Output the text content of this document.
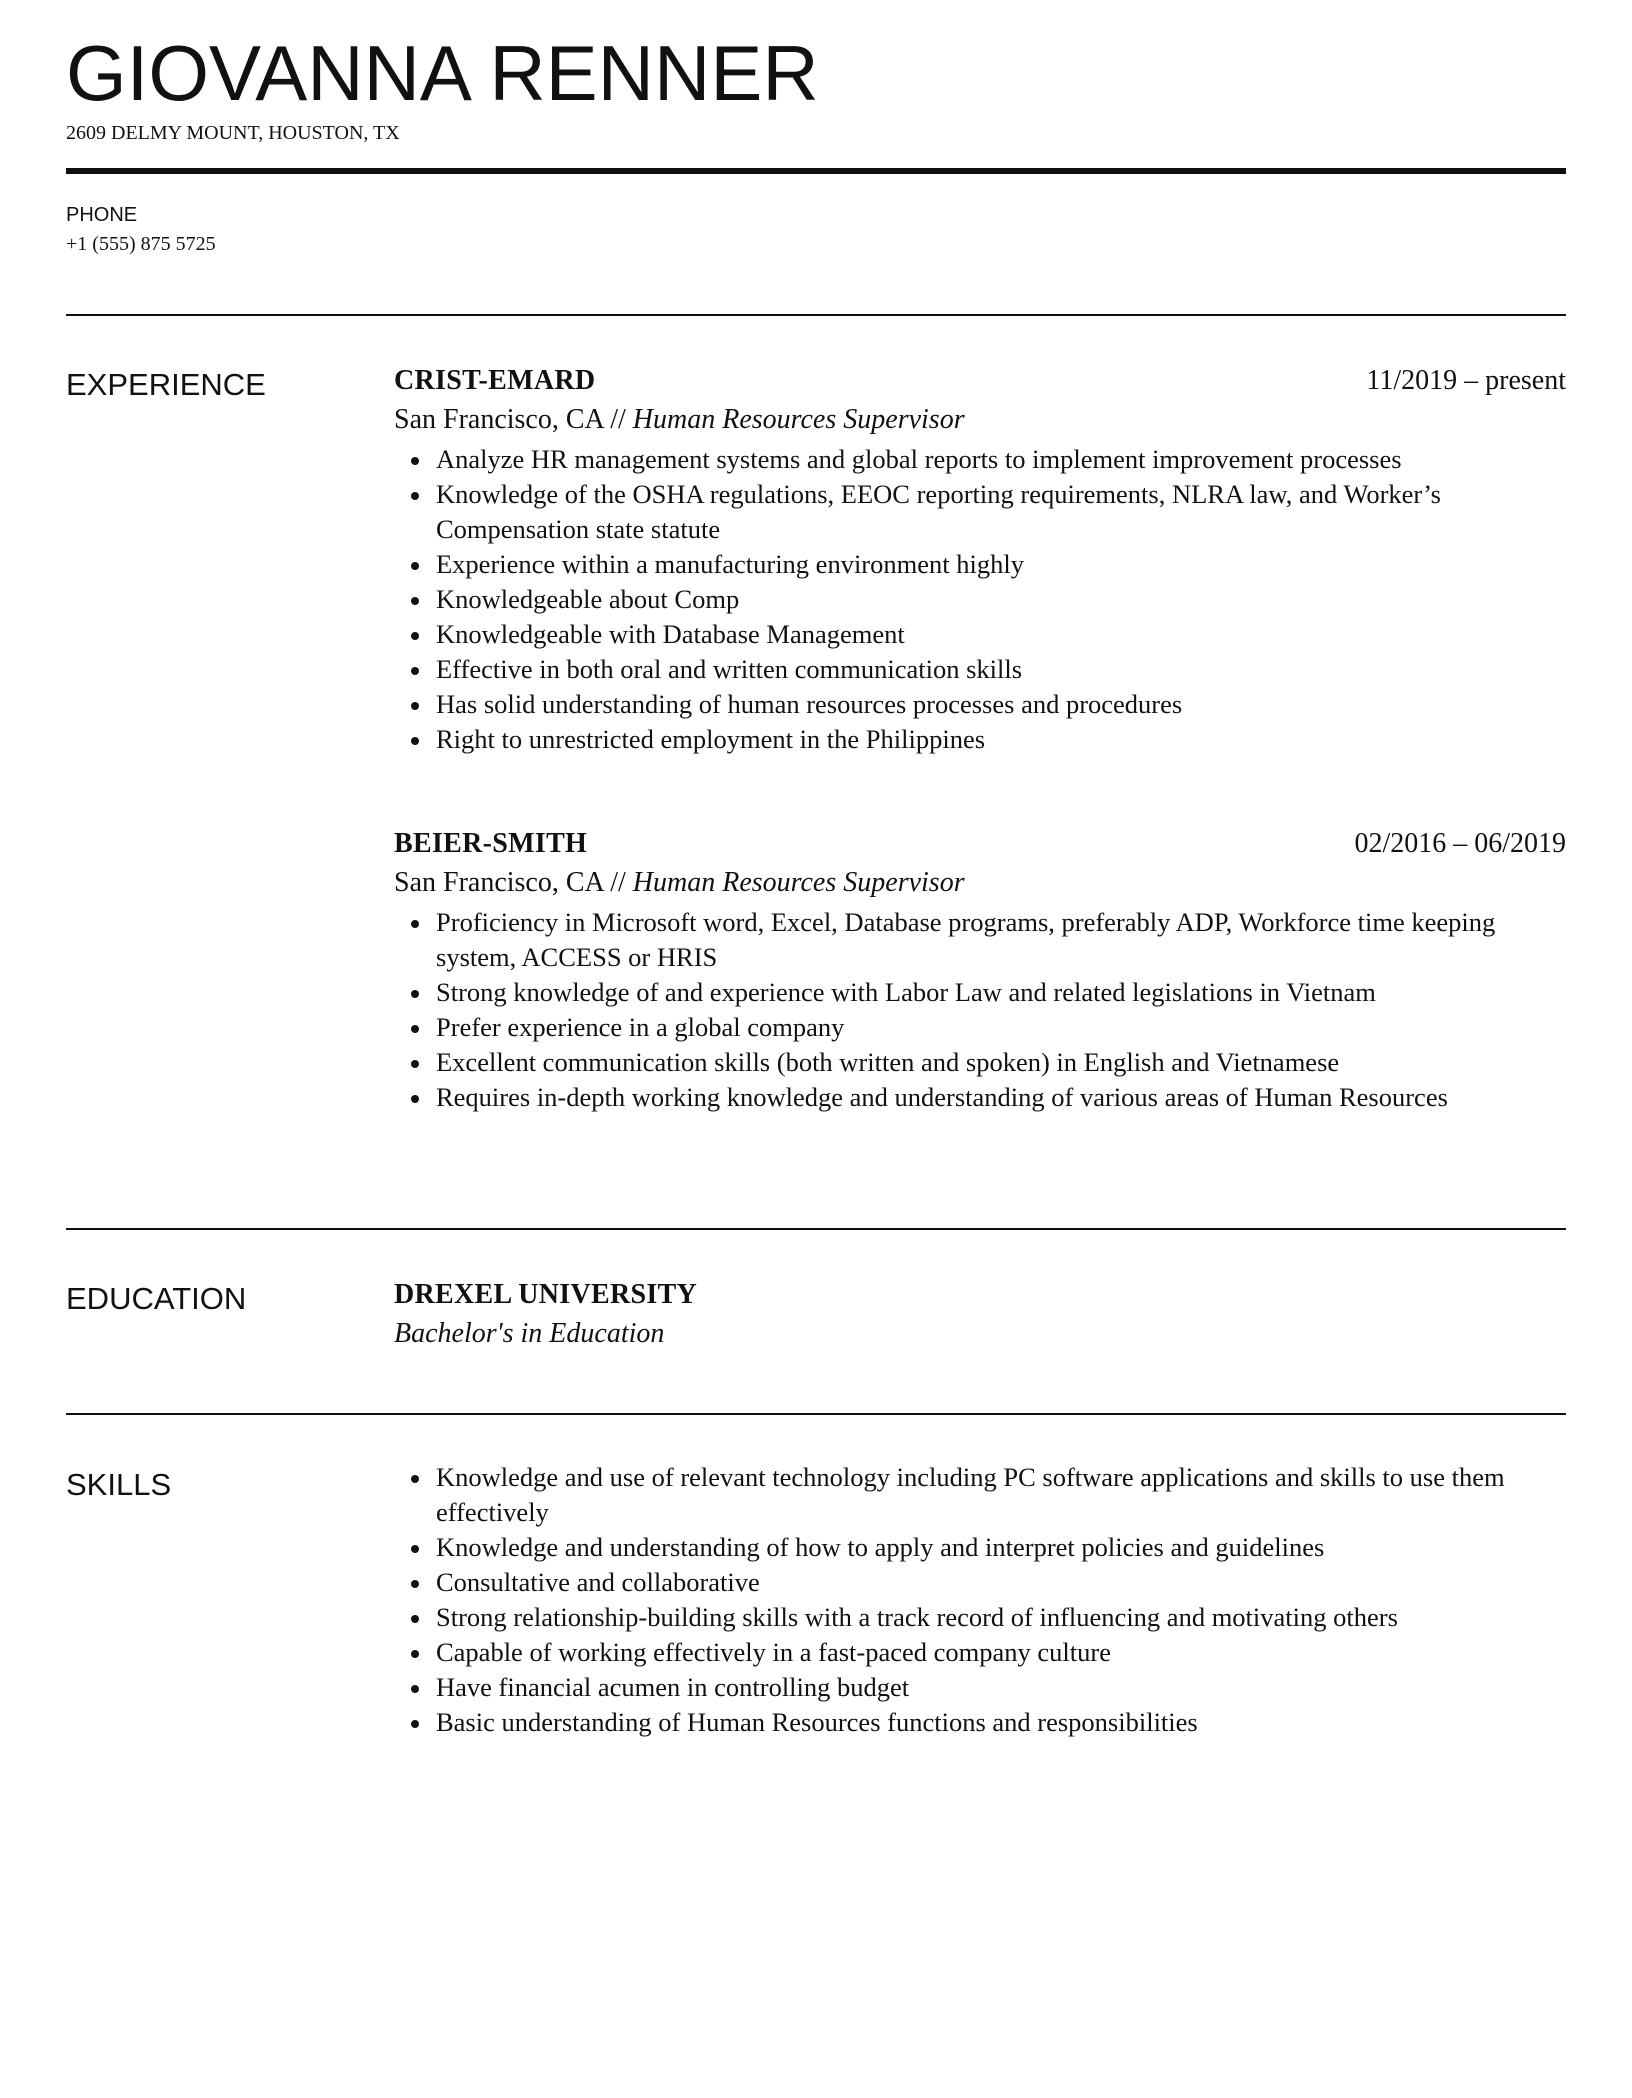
GIOVANNA RENNER
2609 DELMY MOUNT, HOUSTON, TX
PHONE
+1 (555) 875 5725
EXPERIENCE	CRIST-EMARD	11/2019 – present
San Francisco, CA // Human Resources Supervisor
Analyze HR management systems and global reports to implement improvement processes
Knowledge of the OSHA regulations, EEOC reporting requirements, NLRA law, and Worker’s Compensation state statute
Experience within a manufacturing environment highly
Knowledgeable about Comp
Knowledgeable with Database Management
Effective in both oral and written communication skills
Has solid understanding of human resources processes and procedures
Right to unrestricted employment in the Philippines
BEIER-SMITH	02/2016 – 06/2019
San Francisco, CA // Human Resources Supervisor
Proficiency in Microsoft word, Excel, Database programs, preferably ADP, Workforce time keeping system, ACCESS or HRIS
Strong knowledge of and experience with Labor Law and related legislations in Vietnam
Prefer experience in a global company
Excellent communication skills (both written and spoken) in English and Vietnamese
Requires in-depth working knowledge and understanding of various areas of Human Resources
EDUCATION	DREXEL UNIVERSITY
Bachelor's in Education
SKILLS	Knowledge and use of relevant technology including PC software applications and skills to use them effectively
Knowledge and understanding of how to apply and interpret policies and guidelines
Consultative and collaborative
Strong relationship-building skills with a track record of influencing and motivating others
Capable of working effectively in a fast-paced company culture
Have financial acumen in controlling budget
Basic understanding of Human Resources functions and responsibilities
